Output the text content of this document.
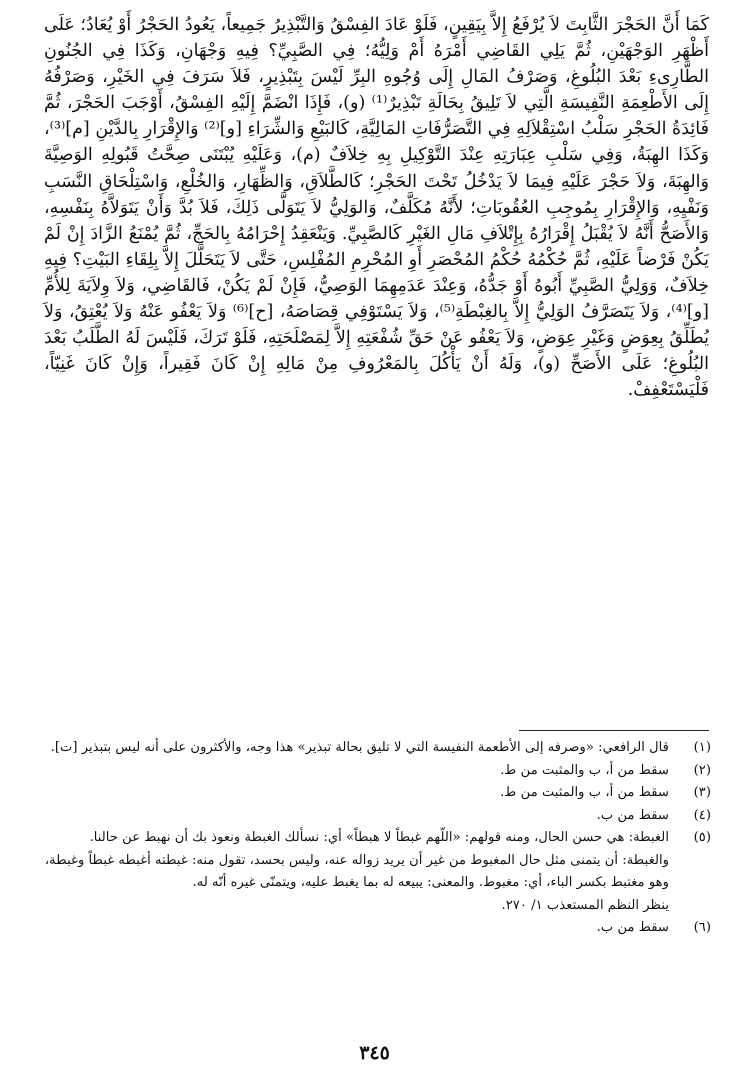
كَمَا أَنَّ الحَجْرَ الثَّابِتَ لاَ يُرْفَعُ إِلاَّ بِيَقِينٍ، فَلَوْ عَادَ الفِسْقُ وَالتَّبْذِيرُ جَمِيعاً، يَعُودُ الحَجْرُ أَوْ يُعَادُ؛ عَلَى أَظْهَرِ الوَجْهَيْنِ، ثُمَّ يَلِي القَاضِي أَمْرَهُ أَمْ وَلِيُّهُ؛ فِي الصَّبِيِّ؟ فِيهِ وَجْهَانِ، وَكَذَا فِي الجُنُونِ الطَّارِىءِ بَعْدَ البُلُوغِ، وَصَرْفُ المَالِ إِلَى وُجُوهِ البِرِّ لَيْسَ بِتَبْذِيرٍ، فَلاَ سَرَفَ فِي الخَيْرِ، وَصَرْفُهُ إِلَى الأَطْعِمَةِ النَّفِيسَةِ الَّتِي لاَ تَلِيقُ بِحَالَةِ تَبْذِيرٌ⁽¹⁾ (و)، فَإِذَا انْضَمَّ إِلَيْهِ الفِسْقُ، أَوْجَبَ الحَجْرَ، ثُمَّ فَائِدَةُ الحَجْرِ سَلْبُ اسْتِقْلاَلِهِ فِي التَّصَرُّفَاتِ المَالِيَّةِ، كَالبَيْعِ وَالشِّرَاءِ [و]⁽²⁾ وَالإِقْرَارِ بِالدَّيْنِ [م]⁽³⁾، وَكَذَا الهِبَةُ، وَفِي سَلْبِ عِبَارَتِهِ عِنْدَ التَّوْكِيلِ بِهِ خِلاَفٌ (م)، وَعَلَيْهِ يُبْتَنَى صِحَّتُ قَبُولِهِ الوَصِيَّةَ وَالهِبَةَ، وَلاَ حَجْرَ عَلَيْهِ فِيمَا لاَ يَدْخُلُ تَحْتَ الحَجْرِ؛ كَالطَّلاَقِ، وَالظِّهَارِ، وَالخُلْعِ، وَاسْتِلْحَاقِ النَّسَبِ وَنَفْيِهِ، وَالإِقْرَارِ بِمُوجِبِ العُقُوبَاتِ؛ لأَنَّهُ مُكَلَّفٌ، وَالوَلِيُّ لاَ يَتَوَلَّى ذَلِكَ، فَلاَ بُدَّ وَأَنْ يَتَوَلاَّهُ بِنَفْسِهِ، وَالأَصَحُّ أَنَّهُ لاَ يُقْبَلُ إِقْرَارُهُ بِإِتْلاَفِ مَالِ الغَيْرِ كَالصَّبِيِّ. وَيَنْعَقِدُ إِحْرَامُهُ بِالحَجِّ، ثُمَّ يُمْنَعُ الزَّادَ إِنْ لَمْ يَكُنْ فَرْضاً عَلَيْهِ، ثُمَّ حُكْمُهُ حُكْمُ المُحْصَرِ أَوِ المُحْرِمِ المُفْلِسِ، حَتَّى لاَ يَتَحَلَّلَ إِلاَّ بِلِقَاءِ البَيْتِ؟ فِيهِ خِلاَفٌ، وَوَلِيُّ الصَّبِيِّ أَبُوهُ أَوْ جَدُّهُ، وَعِنْدَ عَدَمِهِمَا الوَصِيُّ، فَإِنْ لَمْ يَكُنْ، فَالقَاضِي، وَلاَ وِلاَيَةَ لِلأُمِّ [و]⁽⁴⁾، وَلاَ يَتَصَرَّفُ الوَلِيُّ إِلاَّ بِالغِبْطَةِ⁽⁵⁾، وَلاَ يَسْتَوْفِي قِصَاصَهُ، [ح]⁽⁶⁾ وَلاَ يَعْفُو عَنْهُ وَلاَ يُعْتِقُ، وَلاَ يُطَلِّقُ بِعِوَضٍ وَغَيْرِ عِوَضٍ، وَلاَ يَعْفُو عَنْ حَقِّ شُفْعَتِهِ إِلاَّ لِمَصْلَحَتِهِ، فَلَوْ تَرَكَ، فَلَيْسَ لَهُ الطَّلَبُ بَعْدَ البُلُوغِ؛ عَلَى الأَصَحِّ (و)، وَلَهُ أَنْ يَأْكُلَ بِالمَعْرُوفِ مِنْ مَالِهِ إِنْ كَانَ فَقِيراً، وَإِنْ كَانَ غَنِيّاً، فَلْيَسْتَعْفِفْ.

(١)
قال الرافعي: «وصرفه إلى الأطعمة النفيسة التي لا تليق بحالة تبذير» هذا وجه، والأكثرون على أنه ليس بتبذير [ت].
(٢)
سقط من أ، ب والمثبت من ط.
(٣)
سقط من أ، ب والمثبت من ط.
(٤)
سقط من ب.
(٥)
الغبطة: هي حسن الحال، ومنه قولهم: «اللّهم غبطاً لا هبطاً» أي: نسألك الغبطة ونعوذ بك أن نهبط عن حالنا.
والغبطة: أن يتمنى مثل حال المغبوط من غير أن يريد زواله عنه، وليس بحسد، تقول منه: غبطته أغبطه غبطاً وغبطة، وهو مغتبط بكسر الباء، أي: مغبوط. والمعنى: يبيعه له بما يغبط عليه، ويتمنّى غيره أنّه له.
ينظر النظم المستعذب ١/ ٢٧٠.
(٦)
سقط من ب.
٣٤٥
